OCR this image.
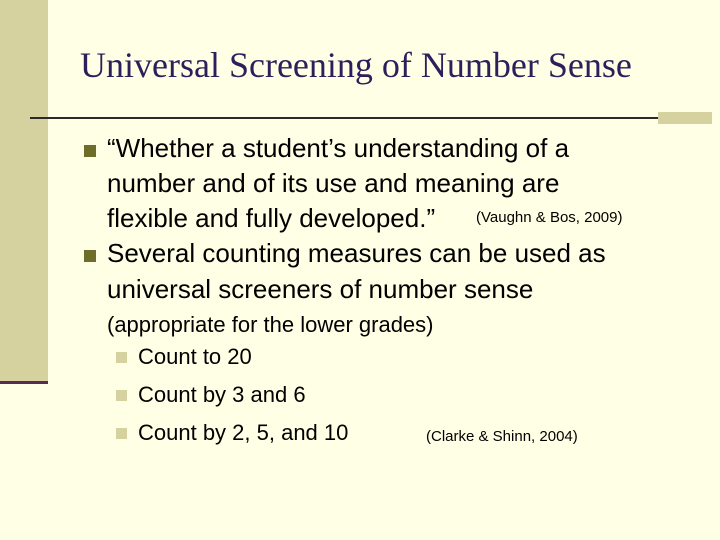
Universal Screening of Number Sense
“Whether a student’s understanding of a
number and of its use and meaning are
flexible and fully developed.”	(Vaughn & Bos, 2009)
Several counting measures can be used as
universal screeners of number sense
(appropriate for the lower grades)
Count to 20
Count by 3 and 6
Count by 2, 5, and 10	(Clarke & Shinn, 2004)
